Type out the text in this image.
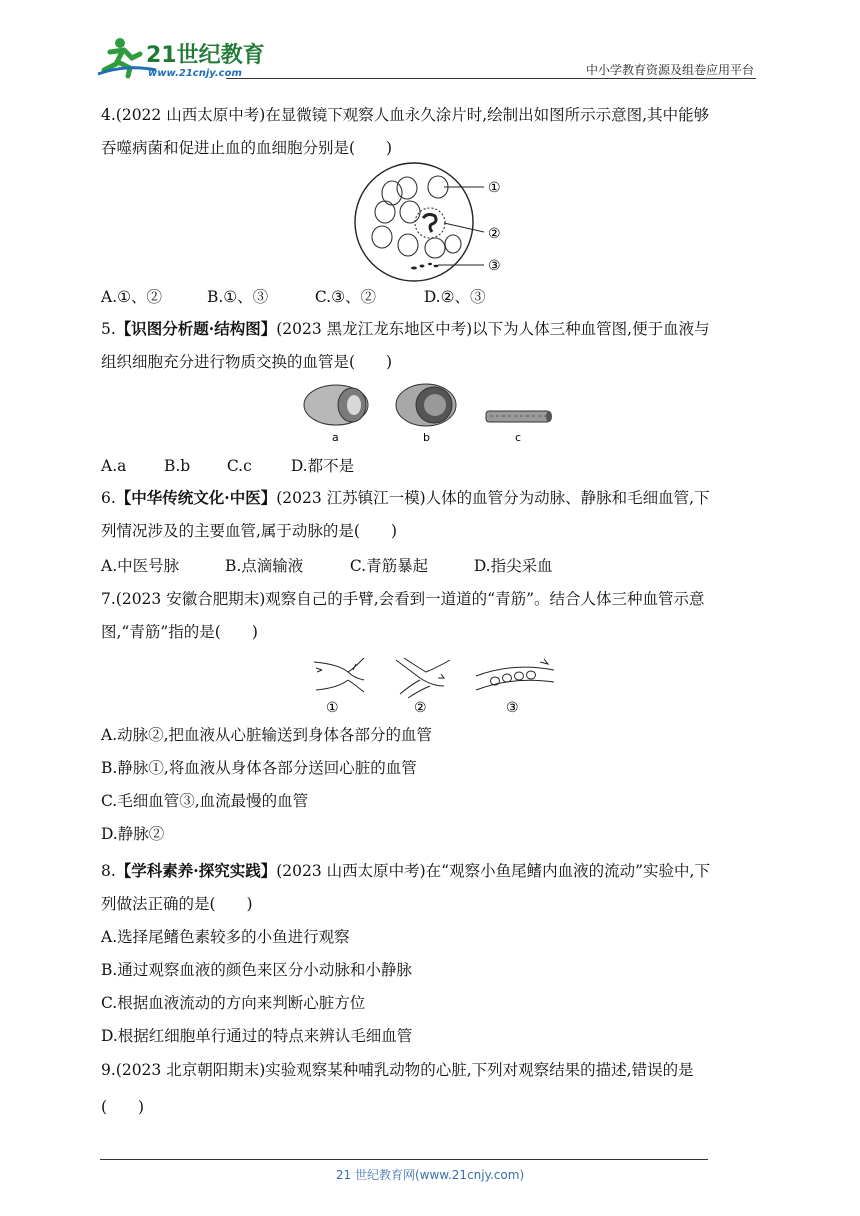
21世纪教育
www.21cnjy.com	中小学教育资源及组卷应用平台

4.(2022 山西太原中考)在显微镜下观察人血永久涂片时,绘制出如图所示示意图,其中能够

吞噬病菌和促进止血的血细胞分别是(　　)

①
②
③
A.①、②	B.①、③	C.③、②	D.②、③

5.【识图分析题·结构图】(2023 黑龙江龙东地区中考)以下为人体三种血管图,便于血液与

组织细胞充分进行物质交换的血管是(　　)

a	b	c
A.a B.b C.c	D.都不是

6.【中华传统文化·中医】(2023 江苏镇江一模)人体的血管分为动脉、静脉和毛细血管,下

列情况涉及的主要血管,属于动脉的是(　　)

A.中医号脉	B.点滴输液	C.青筋暴起	D.指尖采血

7.(2023 安徽合肥期末)观察自己的手臂,会看到一道道的“青筋”。结合人体三种血管示意

图,“青筋”指的是(　　)

①	②	③

A.动脉②,把血液从心脏输送到身体各部分的血管

B.静脉①,将血液从身体各部分送回心脏的血管

C.毛细血管③,血流最慢的血管

D.静脉②

8.【学科素养·探究实践】(2023 山西太原中考)在“观察小鱼尾鳍内血液的流动”实验中,下

列做法正确的是(　　)

A.选择尾鳍色素较多的小鱼进行观察

B.通过观察血液的颜色来区分小动脉和小静脉

C.根据血液流动的方向来判断心脏方位

D.根据红细胞单行通过的特点来辨认毛细血管

9.(2023 北京朝阳期末)实验观察某种哺乳动物的心脏,下列对观察结果的描述,错误的是

(　　)

21 世纪教育网(www.21cnjy.com)
